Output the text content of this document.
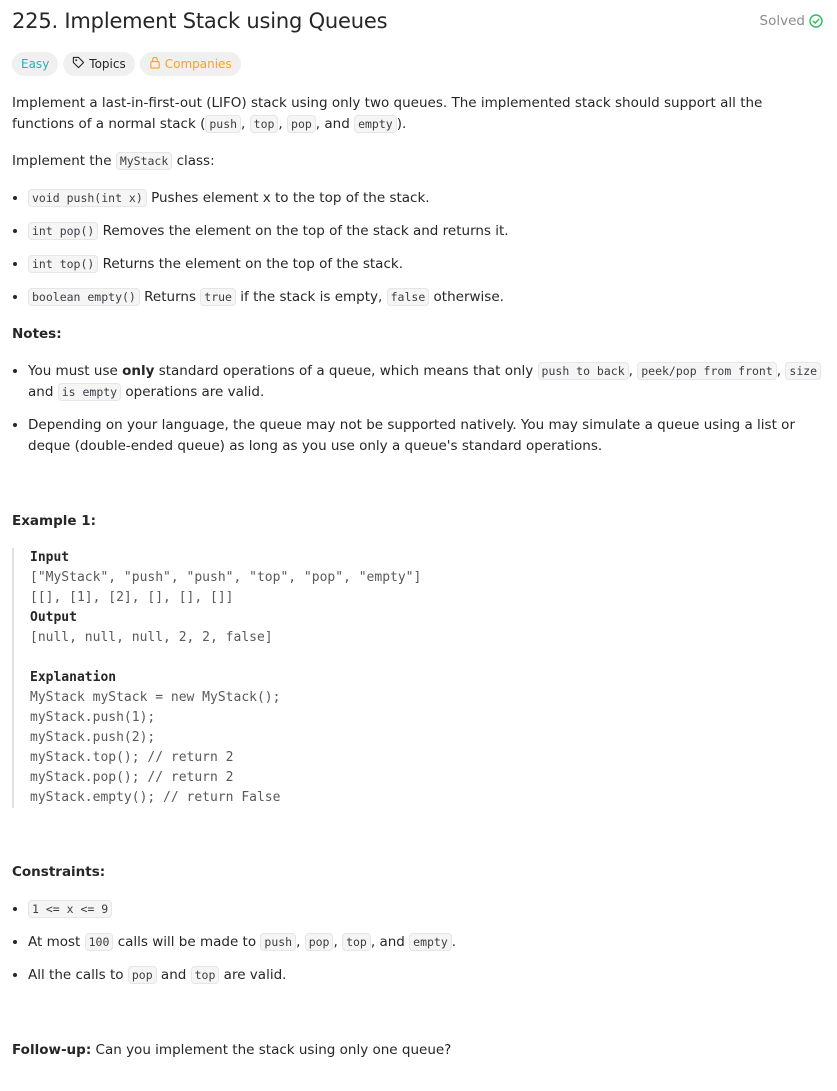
225. Implement Stack using Queues	Solved
Easy	Topics	Companies

Implement a last-in-first-out (LIFO) stack using only two queues. The implemented stack should support all the functions of a normal stack ( push , top , pop , and empty ).

Implement the MyStack class:

• void push(int x) Pushes element x to the top of the stack.
• int pop() Removes the element on the top of the stack and returns it.
• int top() Returns the element on the top of the stack.
• boolean empty() Returns true if the stack is empty, false otherwise.

Notes:

• You must use only standard operations of a queue, which means that only push to back , peek/pop from front , size and is empty operations are valid.
• Depending on your language, the queue may not be supported natively. You may simulate a queue using a list or deque (double-ended queue) as long as you use only a queue's standard operations.

Example 1:

Input
["MyStack", "push", "push", "top", "pop", "empty"]
[[], [1], [2], [], [], []]
Output
[null, null, null, 2, 2, false]
Explanation
MyStack myStack = new MyStack();
myStack.push(1);
myStack.push(2);
myStack.top(); // return 2
myStack.pop(); // return 2
myStack.empty(); // return False

Constraints:

• 1 <= x <= 9
• At most 100 calls will be made to push , pop , top , and empty .
• All the calls to pop and top are valid.

Follow-up: Can you implement the stack using only one queue?
